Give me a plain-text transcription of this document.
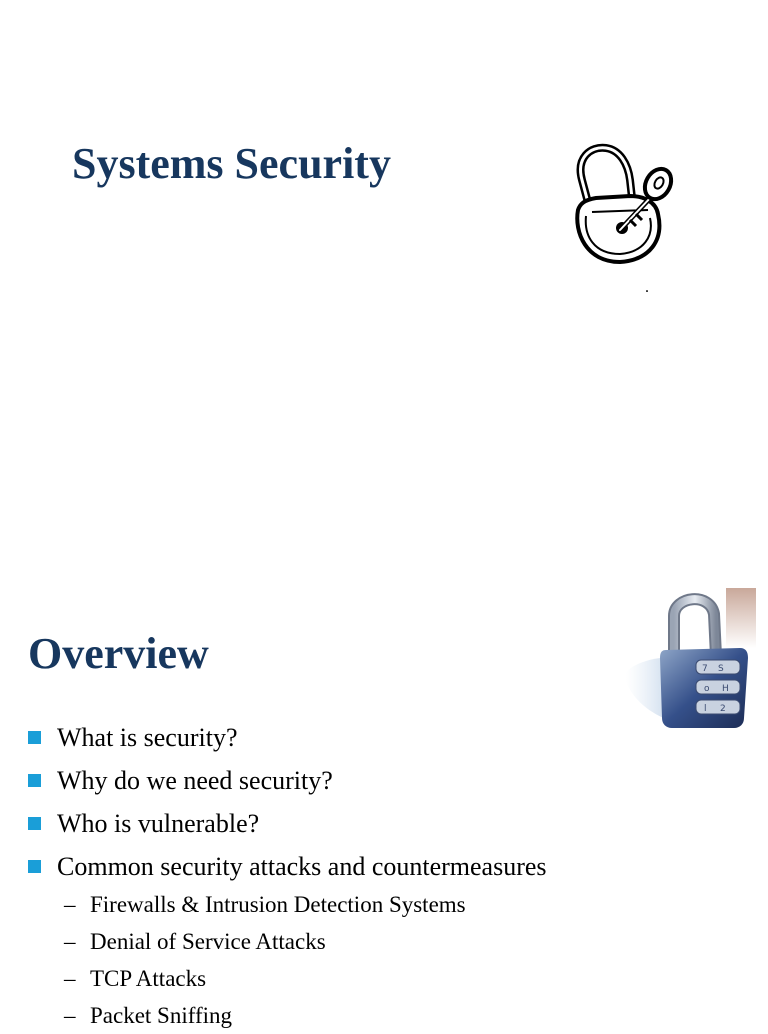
Systems Security
.
Overview	7 S
o H
l 2
What is security?
Why do we need security?
Who is vulnerable?
Common security attacks and countermeasures
– Firewalls & Intrusion Detection Systems
– Denial of Service Attacks
– TCP Attacks
– Packet Sniffing
